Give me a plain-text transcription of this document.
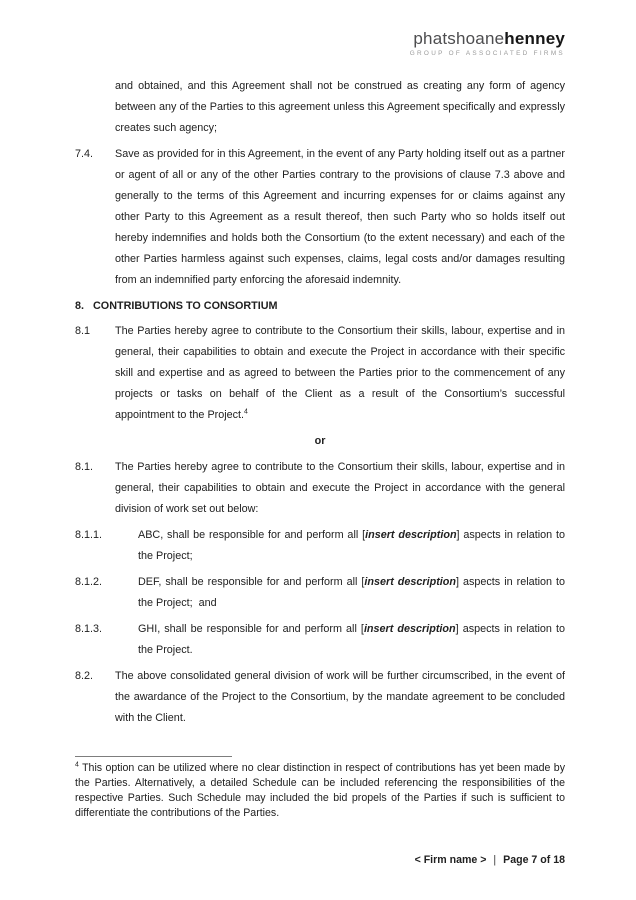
phatshoanehenney
GROUP OF ASSOCIATED FIRMS

and obtained, and this Agreement shall not be construed as creating any form of agency between any of the Parties to this agreement unless this Agreement specifically and expressly creates such agency;

7.4. Save as provided for in this Agreement, in the event of any Party holding itself out as a partner or agent of all or any of the other Parties contrary to the provisions of clause 7.3 above and generally to the terms of this Agreement and incurring expenses for or claims against any other Party to this Agreement as a result thereof, then such Party who so holds itself out hereby indemnifies and holds both the Consortium (to the extent necessary) and each of the other Parties harmless against such expenses, claims, legal costs and/or damages resulting from an indemnified party enforcing the aforesaid indemnity.

8. CONTRIBUTIONS TO CONSORTIUM
8.1 The Parties hereby agree to contribute to the Consortium their skills, labour, expertise and in general, their capabilities to obtain and execute the Project in accordance with their specific skill and expertise and as agreed to between the Parties prior to the commencement of any projects or tasks on behalf of the Client as a result of the Consortium’s successful appointment to the Project.$^4$

or

8.1. The Parties hereby agree to contribute to the Consortium their skills, labour, expertise and in general, their capabilities to obtain and execute the Project in accordance with the general division of work set out below:

8.1.1.	ABC, shall be responsible for and perform all [insert description] aspects in relation to the Project;

8.1.2.	DEF, shall be responsible for and perform all [insert description] aspects in relation to the Project;  and

8.1.3.	GHI, shall be responsible for and perform all [insert description] aspects in relation to the Project.

8.2. The above consolidated general division of work will be further circumscribed, in the event of the awardance of the Project to the Consortium, by the mandate agreement to be concluded with the Client.

$^4$ This option can be utilized where no clear distinction in respect of contributions has yet been made by the Parties. Alternatively, a detailed Schedule can be included referencing the responsibilities of the respective Parties. Such Schedule may included the bid propels of the Parties if such is sufficient to differentiate the contributions of the Parties.

< Firm name > | Page 7 of 18
